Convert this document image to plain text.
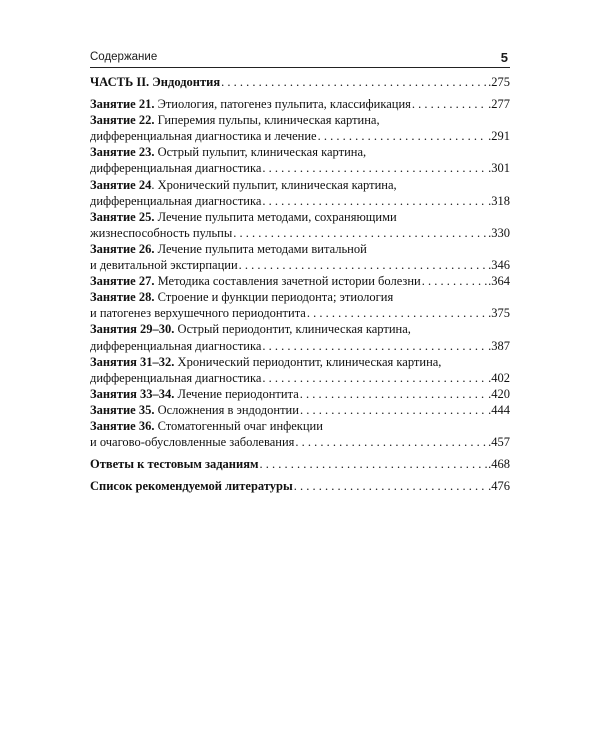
Содержание	5
ЧАСТЬ II. Эндодонтия . . .	.275
Занятие 21. Этиология, патогенез пульпита, классификация . . .	.277
Занятие 22. Гиперемия пульпы, клиническая картина,
дифференциальная диагностика и лечение . . .	.291
Занятие 23. Острый пульпит, клиническая картина,
дифференциальная диагностика . . .	.301
Занятие 24. Хронический пульпит, клиническая картина,
дифференциальная диагностика . . .	.318
Занятие 25. Лечение пульпита методами, сохраняющими
жизнеспособность пульпы . . .	.330
Занятие 26. Лечение пульпита методами витальной
и девитальной экстирпации . . .	.346
Занятие 27. Методика составления зачетной истории болезни . . .	.364
Занятие 28. Строение и функции периодонта; этиология
и патогенез верхушечного периодонтита . . .	.375
Занятия 29–30. Острый периодонтит, клиническая картина,
дифференциальная диагностика . . .	.387
Занятия 31–32. Хронический периодонтит, клиническая картина,
дифференциальная диагностика . . .	.402
Занятия 33–34. Лечение периодонтита . . .	.420
Занятие 35. Осложнения в эндодонтии . . .	.444
Занятие 36. Стоматогенный очаг инфекции
и очагово-обусловленные заболевания . . .	.457
Ответы к тестовым заданиям . . .	.468
Список рекомендуемой литературы . . .	.476
